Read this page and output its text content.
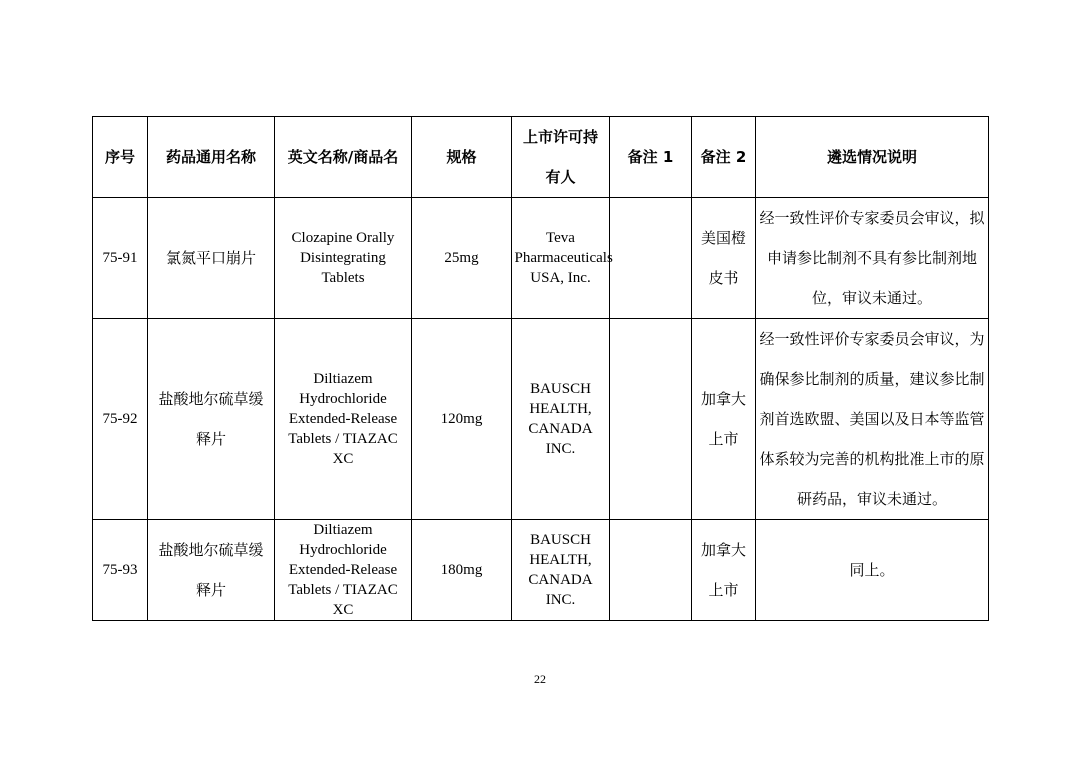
序号	药品通用名称	英文名称/商品名	规格	上市许可持有人	备注 1	备注 2	遴选情况说明
75-91	氯氮平口崩片	Clozapine Orally Disintegrating Tablets	25mg	Teva Pharmaceuticals USA, Inc.		美国橙皮书	经一致性评价专家委员会审议，拟申请参比制剂不具有参比制剂地位，审议未通过。
75-92	盐酸地尔硫草缓释片	Diltiazem Hydrochloride Extended-Release Tablets / TIAZAC XC	120mg	BAUSCH HEALTH, CANADA INC.		加拿大上市	经一致性评价专家委员会审议，为确保参比制剂的质量，建议参比制剂首选欧盟、美国以及日本等监管体系较为完善的机构批准上市的原研药品，审议未通过。
75-93	盐酸地尔硫草缓释片	Diltiazem Hydrochloride Extended-Release Tablets / TIAZAC XC	180mg	BAUSCH HEALTH, CANADA INC.		加拿大上市	同上。
22
